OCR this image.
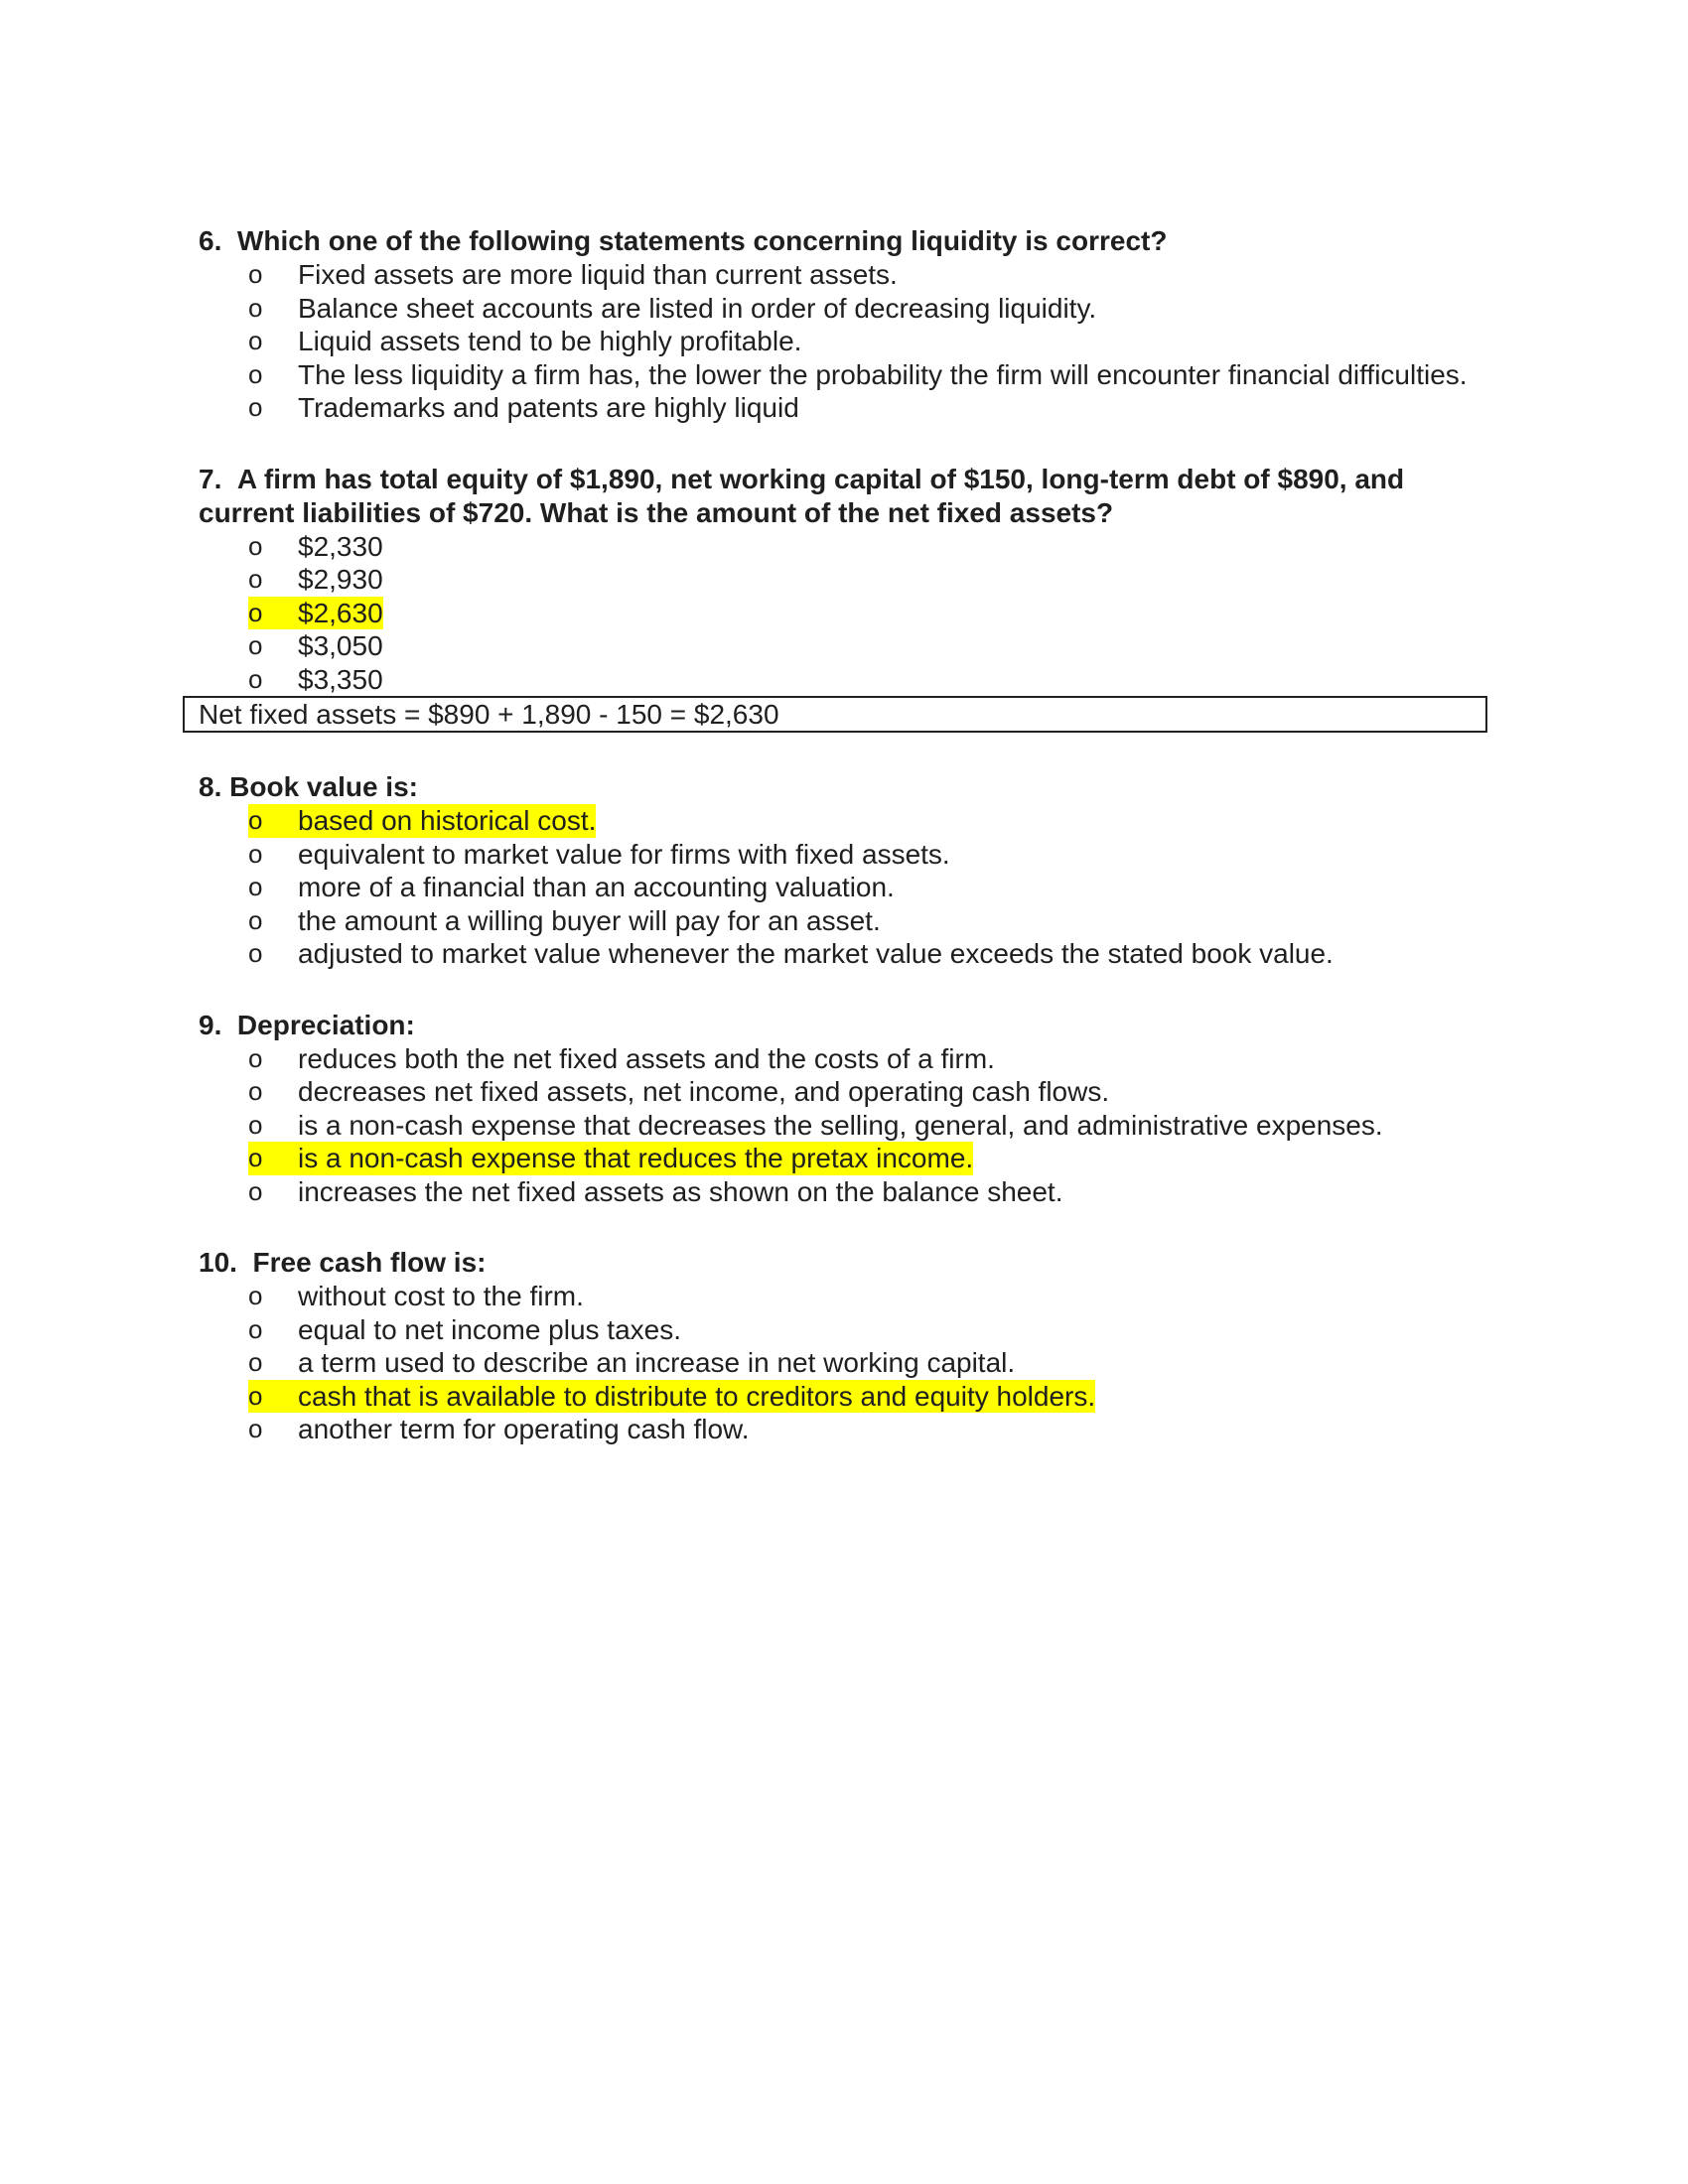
6. Which one of the following statements concerning liquidity is correct?

o	Fixed assets are more liquid than current assets.
o	Balance sheet accounts are listed in order of decreasing liquidity.
o	Liquid assets tend to be highly profitable.
o	The less liquidity a firm has, the lower the probability the firm will encounter financial difficulties.
o	Trademarks and patents are highly liquid

7. A firm has total equity of $1,890, net working capital of $150, long-term debt of $890, and current liabilities of $720. What is the amount of the net fixed assets?

o	$2,330
o	$2,930
o	$2,630
o	$3,050
o	$3,350
Net fixed assets = $890 + 1,890 - 150 = $2,630

8. Book value is:

o	based on historical cost.
o	equivalent to market value for firms with fixed assets.
o	more of a financial than an accounting valuation.
o	the amount a willing buyer will pay for an asset.
o	adjusted to market value whenever the market value exceeds the stated book value.

9. Depreciation:

o	reduces both the net fixed assets and the costs of a firm.
o	decreases net fixed assets, net income, and operating cash flows.
o	is a non-cash expense that decreases the selling, general, and administrative expenses.
o	is a non-cash expense that reduces the pretax income.
o	increases the net fixed assets as shown on the balance sheet.

10. Free cash flow is:

o	without cost to the firm.
o	equal to net income plus taxes.
o	a term used to describe an increase in net working capital.
o	cash that is available to distribute to creditors and equity holders.
o	another term for operating cash flow.
